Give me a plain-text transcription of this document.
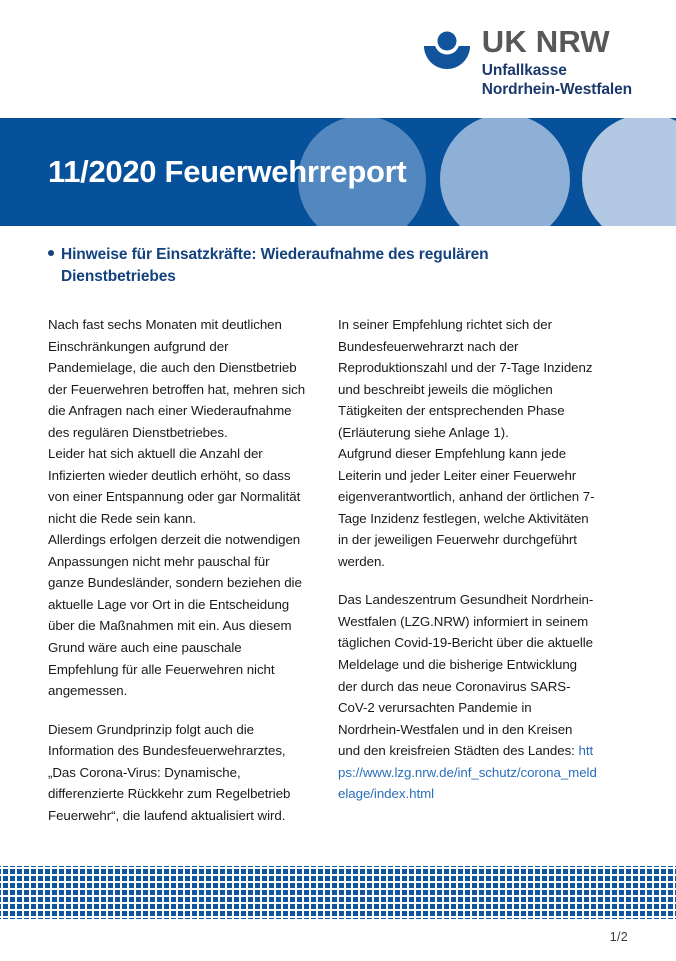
UK NRW
Unfallkasse
Nordrhein-Westfalen
11/2020 Feuerwehrreport
Hinweise für Einsatzkräfte: Wiederaufnahme des regulären
Dienstbetriebes

Nach fast sechs Monaten mit deutlichen Einschränkungen aufgrund der Pandemielage, die auch den Dienstbetrieb der Feuerwehren betroffen hat, mehren sich die Anfragen nach einer Wiederaufnahme des regulären Dienstbetriebes.

Leider hat sich aktuell die Anzahl der Infizierten wieder deutlich erhöht, so dass von einer Entspannung oder gar Normalität nicht die Rede sein kann.

Allerdings erfolgen derzeit die notwendigen Anpassungen nicht mehr pauschal für ganze Bundesländer, sondern beziehen die aktuelle Lage vor Ort in die Entscheidung über die Maßnahmen mit ein. Aus diesem Grund wäre auch eine pauschale Empfehlung für alle Feuerwehren nicht angemessen.

Diesem Grundprinzip folgt auch die Information des Bundesfeuerwehrarztes, „Das Corona-Virus: Dynamische, differenzierte Rückkehr zum Regelbetrieb Feuerwehr“, die laufend aktualisiert wird.

In seiner Empfehlung richtet sich der Bundesfeuerwehrarzt nach der Reproduktionszahl und der 7-Tage Inzidenz und beschreibt jeweils die möglichen Tätigkeiten der entsprechenden Phase (Erläuterung siehe Anlage 1).

Aufgrund dieser Empfehlung kann jede Leiterin und jeder Leiter einer Feuerwehr eigenverantwortlich, anhand der örtlichen 7-Tage Inzidenz festlegen, welche Aktivitäten in der jeweiligen Feuerwehr durchgeführt werden.

Das Landeszentrum Gesundheit Nordrhein-Westfalen (LZG.NRW) informiert in seinem täglichen Covid-19-Bericht über die aktuelle Meldelage und die bisherige Entwicklung der durch das neue Coronavirus SARS-CoV-2 verursachten Pandemie in Nordrhein-Westfalen und in den Kreisen und den kreisfreien Städten des Landes: https://www.lzg.nrw.de/inf_schutz/corona_meldelage/index.html

1/2
